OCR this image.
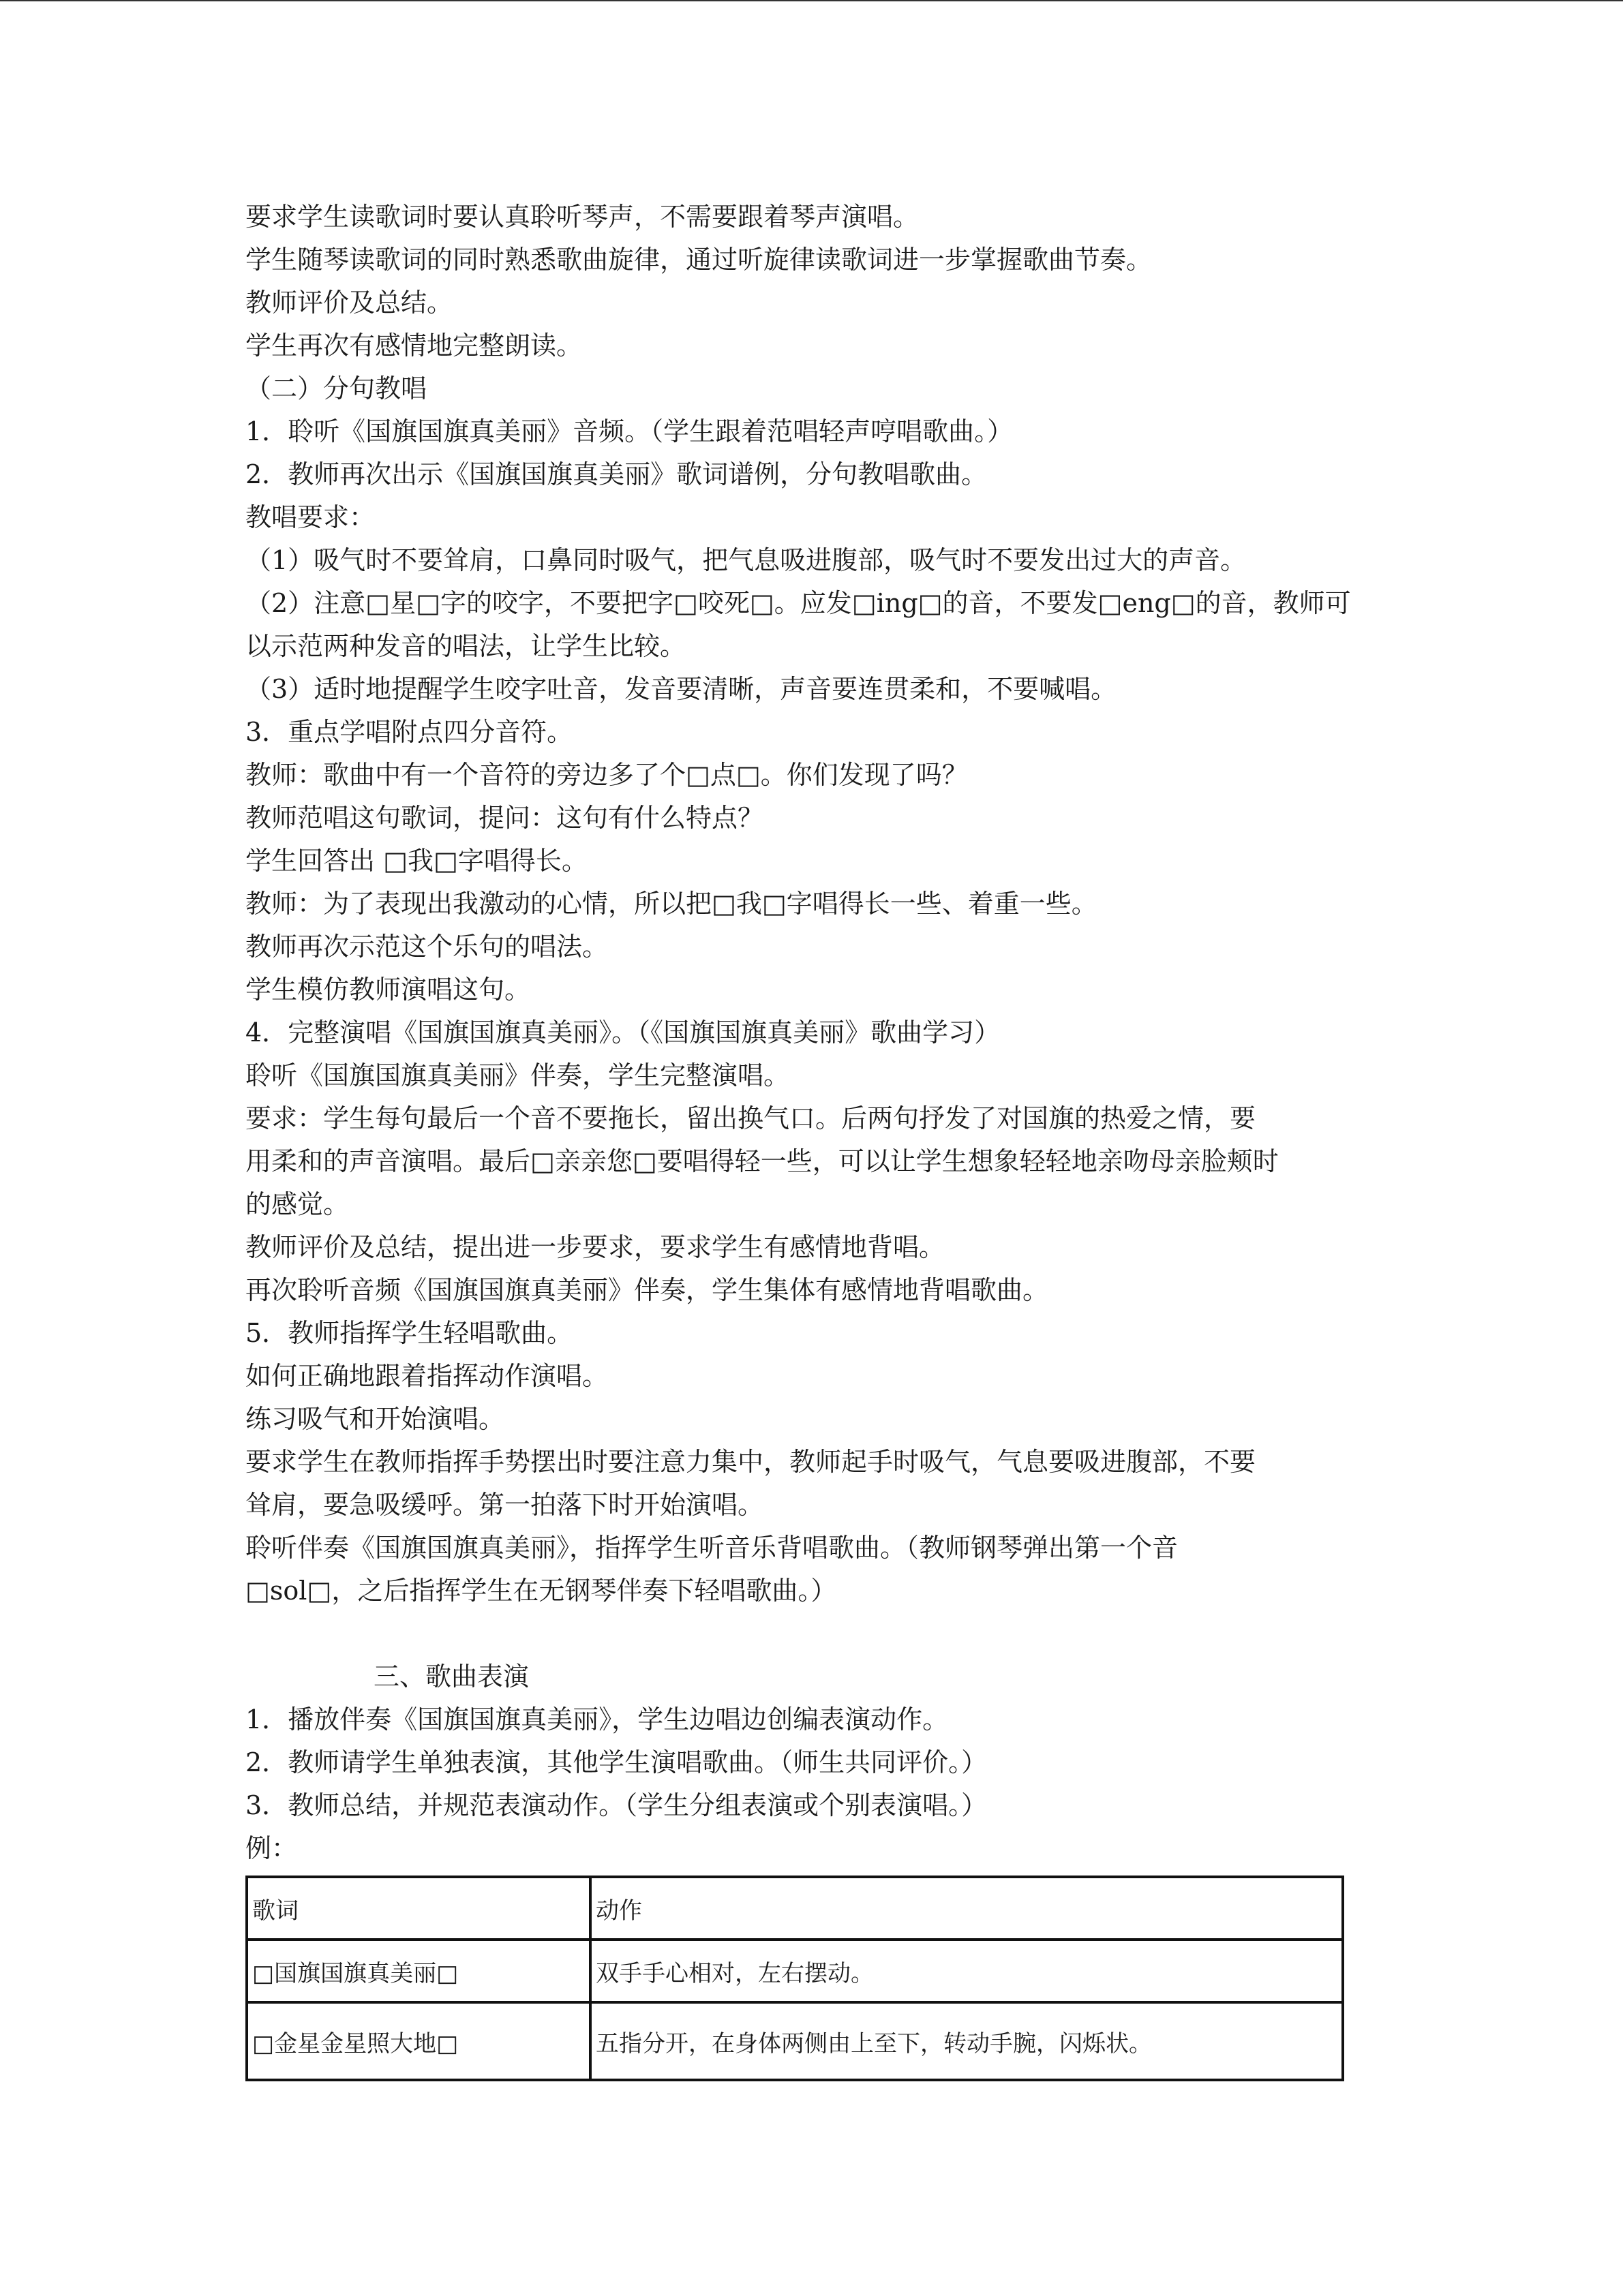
要求学生读歌词时要认真聆听琴声，不需要跟着琴声演唱。
学生随琴读歌词的同时熟悉歌曲旋律，通过听旋律读歌词进一步掌握歌曲节奏。
教师评价及总结。
学生再次有感情地完整朗读。
（二）分句教唱
1．聆听《国旗国旗真美丽》音频。（学生跟着范唱轻声哼唱歌曲。）
2．教师再次出示《国旗国旗真美丽》歌词谱例，分句教唱歌曲。
教唱要求：
（1）吸气时不要耸肩，口鼻同时吸气，把气息吸进腹部，吸气时不要发出过大的声音。
（2）注意□星□字的咬字，不要把字□咬死□。应发□ing□的音，不要发□eng□的音，教师可
以示范两种发音的唱法，让学生比较。
（3）适时地提醒学生咬字吐音，发音要清晰，声音要连贯柔和，不要喊唱。
3．重点学唱附点四分音符。
教师：歌曲中有一个音符的旁边多了个□点□。你们发现了吗？
教师范唱这句歌词，提问：这句有什么特点？
学生回答出 □我□字唱得长。
教师：为了表现出我激动的心情，所以把□我□字唱得长一些、着重一些。
教师再次示范这个乐句的唱法。
学生模仿教师演唱这句。
4．完整演唱《国旗国旗真美丽》。（《国旗国旗真美丽》歌曲学习）
聆听《国旗国旗真美丽》伴奏，学生完整演唱。
要求：学生每句最后一个音不要拖长，留出换气口。后两句抒发了对国旗的热爱之情，要
用柔和的声音演唱。最后□亲亲您□要唱得轻一些，可以让学生想象轻轻地亲吻母亲脸颊时
的感觉。
教师评价及总结，提出进一步要求，要求学生有感情地背唱。
再次聆听音频《国旗国旗真美丽》伴奏，学生集体有感情地背唱歌曲。
5．教师指挥学生轻唱歌曲。
如何正确地跟着指挥动作演唱。
练习吸气和开始演唱。
要求学生在教师指挥手势摆出时要注意力集中，教师起手时吸气，气息要吸进腹部，不要
耸肩，要急吸缓呼。第一拍落下时开始演唱。
聆听伴奏《国旗国旗真美丽》，指挥学生听音乐背唱歌曲。（教师钢琴弹出第一个音
□sol□，之后指挥学生在无钢琴伴奏下轻唱歌曲。）
三、歌曲表演
1．播放伴奏《国旗国旗真美丽》，学生边唱边创编表演动作。
2．教师请学生单独表演，其他学生演唱歌曲。（师生共同评价。）
3．教师总结，并规范表演动作。（学生分组表演或个别表演唱。）
例：
歌词	动作
□国旗国旗真美丽□	双手手心相对，左右摆动。
□金星金星照大地□	五指分开，在身体两侧由上至下，转动手腕，闪烁状。
